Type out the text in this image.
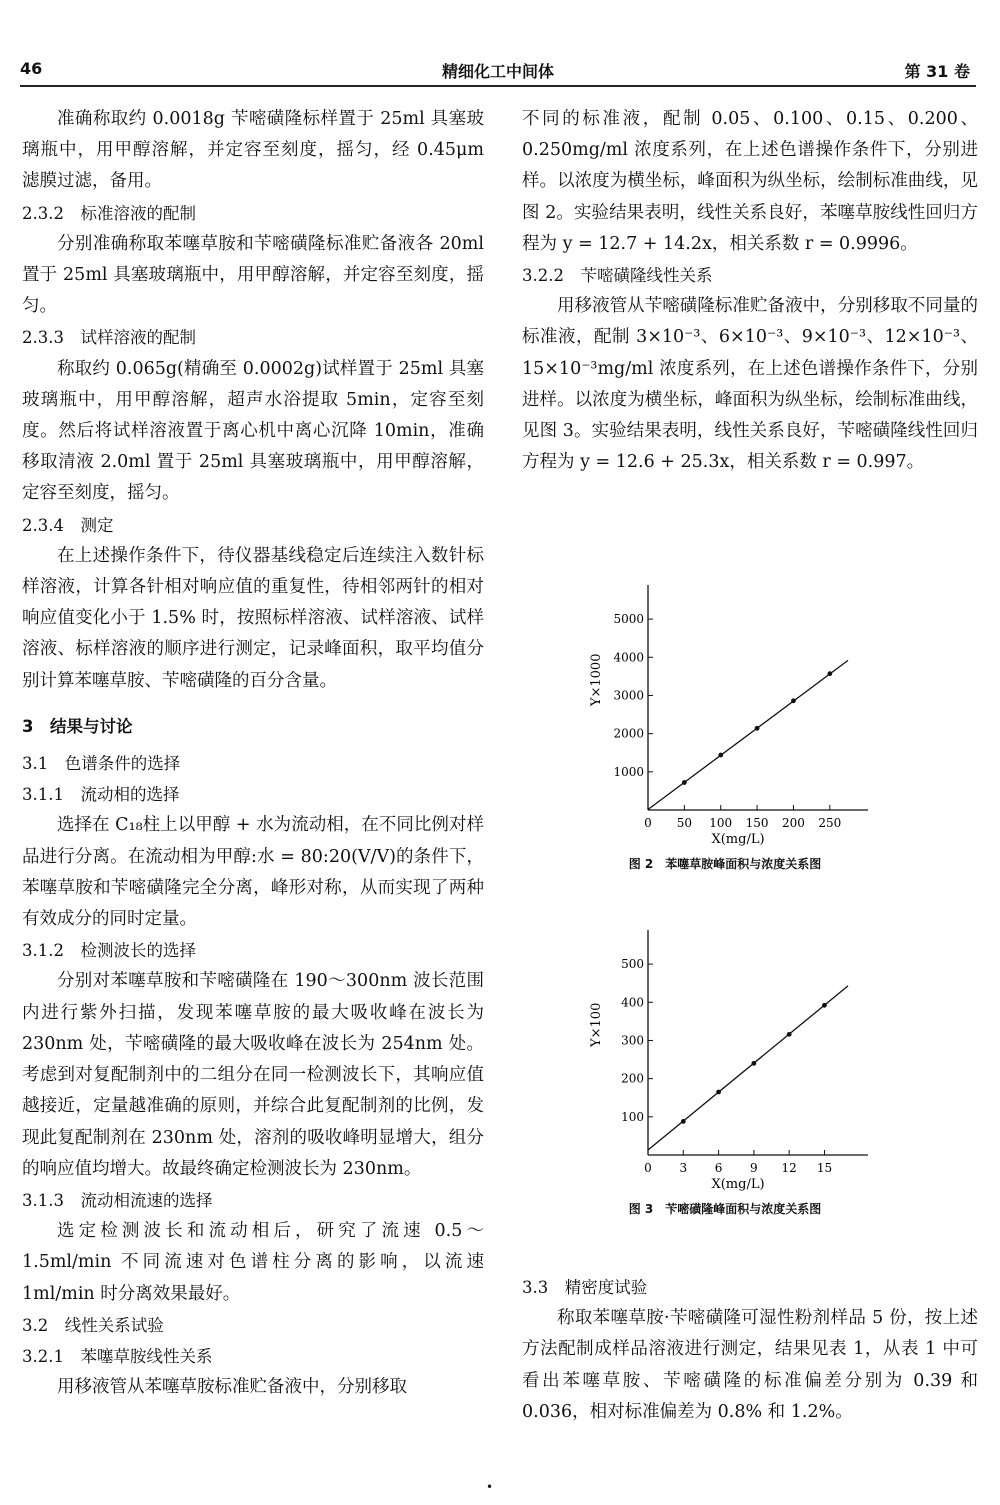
46	精细化工中间体	第 31 卷

准确称取约 0.0018g 苄嘧磺隆标样置于 25ml 具塞玻璃瓶中，用甲醇溶解，并定容至刻度，摇匀，经 0.45μm 滤膜过滤，备用。

2.3.2　标准溶液的配制

分别准确称取苯噻草胺和苄嘧磺隆标准贮备液各 20ml 置于 25ml 具塞玻璃瓶中，用甲醇溶解，并定容至刻度，摇匀。

2.3.3　试样溶液的配制

称取约 0.065g(精确至 0.0002g)试样置于 25ml 具塞玻璃瓶中，用甲醇溶解，超声水浴提取 5min，定容至刻度。然后将试样溶液置于离心机中离心沉降 10min，准确移取清液 2.0ml 置于 25ml 具塞玻璃瓶中，用甲醇溶解，定容至刻度，摇匀。

2.3.4　测定

在上述操作条件下，待仪器基线稳定后连续注入数针标样溶液，计算各针相对响应值的重复性，待相邻两针的相对响应值变化小于 1.5% 时，按照标样溶液、试样溶液、试样溶液、标样溶液的顺序进行测定，记录峰面积，取平均值分别计算苯噻草胺、苄嘧磺隆的百分含量。

3　结果与讨论
3.1　色谱条件的选择
3.1.1　流动相的选择

选择在 C₁₈柱上以甲醇 + 水为流动相，在不同比例对样品进行分离。在流动相为甲醇:水 = 80:20(V/V)的条件下，苯噻草胺和苄嘧磺隆完全分离，峰形对称，从而实现了两种有效成分的同时定量。

3.1.2　检测波长的选择

分别对苯噻草胺和苄嘧磺隆在 190～300nm 波长范围内进行紫外扫描，发现苯噻草胺的最大吸收峰在波长为 230nm 处，苄嘧磺隆的最大吸收峰在波长为 254nm 处。考虑到对复配制剂中的二组分在同一检测波长下，其响应值越接近，定量越准确的原则，并综合此复配制剂的比例，发现此复配制剂在 230nm 处，溶剂的吸收峰明显增大，组分的响应值均增大。故最终确定检测波长为 230nm。

3.1.3　流动相流速的选择

选定检测波长和流动相后，研究了流速 0.5～1.5ml/min 不同流速对色谱柱分离的影响，以流速 1ml/min 时分离效果最好。

3.2　线性关系试验
3.2.1　苯噻草胺线性关系

用移液管从苯噻草胺标准贮备液中，分别移取

不同的标准液，配制 0.05、0.100、0.15、0.200、0.250mg/ml 浓度系列，在上述色谱操作条件下，分别进样。以浓度为横坐标，峰面积为纵坐标，绘制标准曲线，见图 2。实验结果表明，线性关系良好，苯噻草胺线性回归方程为 y = 12.7 + 14.2x，相关系数 r = 0.9996。

3.2.2　苄嘧磺隆线性关系

用移液管从苄嘧磺隆标准贮备液中，分别移取不同量的标准液，配制 3×10⁻³、6×10⁻³、9×10⁻³、12×10⁻³、15×10⁻³mg/ml 浓度系列，在上述色谱操作条件下，分别进样。以浓度为横坐标，峰面积为纵坐标，绘制标准曲线，见图 3。实验结果表明，线性关系良好，苄嘧磺隆线性回归方程为 y = 12.6 + 25.3x，相关系数 r = 0.997。

1000
2000
3000
4000
5000
0 50 100 150 200 250
X(mg/L)
Y×1000
图 2　苯噻草胺峰面积与浓度关系图
100
200
300
400
500
0 3 6 9 12 15
X(mg/L)
Y×100
图 3　苄嘧磺隆峰面积与浓度关系图
3.3　精密度试验

称取苯噻草胺·苄嘧磺隆可湿性粉剂样品 5 份，按上述方法配制成样品溶液进行测定，结果见表 1，从表 1 中可看出苯噻草胺、苄嘧磺隆的标准偏差分别为 0.39 和 0.036，相对标准偏差为 0.8% 和 1.2%。

•
